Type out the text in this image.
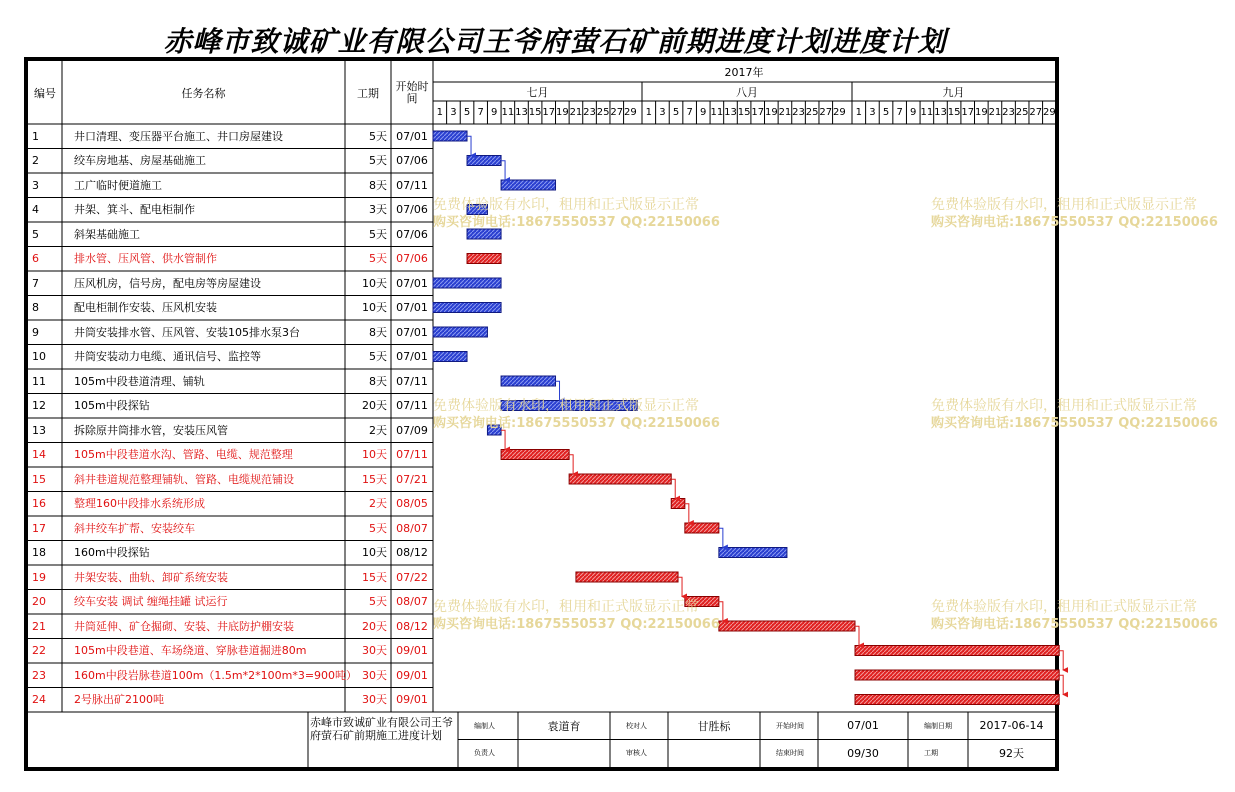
赤峰市致诚矿业有限公司王爷府萤石矿前期进度计划进度计划
编号	任务名称	工期
开始时间
2017年
七月
1 3 5 7 9 11 13 15 17 19 21 23 25 27 29
八月
1 3 5 7 9 11 13 15 17 19 21 23 25 27 29
九月
1 3 5 7 9 11 13 15 17 19 21 23 25 27 29
1	井口清理、变压器平台施工、井口房屋建设	5天 07/01
2	绞车房地基、房屋基础施工	5天 07/06
3	工广临时便道施工	8天 07/11
4	井架、箕斗、配电柜制作	3天 07/06
5	斜架基础施工	5天 07/06
6	排水管、压风管、供水管制作	5天 07/06
7	压风机房，信号房，配电房等房屋建设	10天 07/01
8	配电柜制作安装、压风机安装	10天 07/01
9	井筒安装排水管、压风管、安装105排水泵3台	8天 07/01
10	井筒安装动力电缆、通讯信号、监控等	5天 07/01
11	105m中段巷道清理、铺轨	8天 07/11
12	105m中段探钻	20天 07/11
13	拆除原井筒排水管，安装压风管	2天 07/09
14	105m中段巷道水沟、管路、电缆、规范整理	10天 07/11
15	斜井巷道规范整理铺轨、管路、电缆规范铺设	15天 07/21
16	整理160中段排水系统形成	2天 08/05
17	斜井绞车扩帮、安装绞车	5天 08/07
18	160m中段探钻	10天 08/12
19	井架安装、曲轨、卸矿系统安装	15天 07/22
20	绞车安装 调试 缠绳挂罐 试运行	5天 08/07
21	井筒延伸、矿仓掘砌、安装、井底防护棚安装	20天 08/12
22	105m中段巷道、车场绕道、穿脉巷道掘进80m	30天 09/01
23	160m中段岩脉巷道100m（1.5m*2*100m*3=900吨） 30天 09/01
24	2号脉出矿2100吨	30天 09/01
赤峰市致诚矿业有限公司王爷府萤石矿前期施工进度计划
编制人	袁道育	校对人	甘胜标	开始时间	07/01	编制日期	2017-06-14
负责人	审核人	结束时间	09/30	工期	92天
免费体验版有水印，租用和正式版显示正常
购买咨询电话:18675550537 QQ:22150066
免费体验版有水印，租用和正式版显示正常
购买咨询电话:18675550537 QQ:22150066
免费体验版有水印，租用和正式版显示正常
购买咨询电话:18675550537 QQ:22150066
免费体验版有水印，租用和正式版显示正常
购买咨询电话:18675550537 QQ:22150066
免费体验版有水印，租用和正式版显示正常
购买咨询电话:18675550537 QQ:22150066
免费体验版有水印，租用和正式版显示正常
购买咨询电话:18675550537 QQ:22150066
